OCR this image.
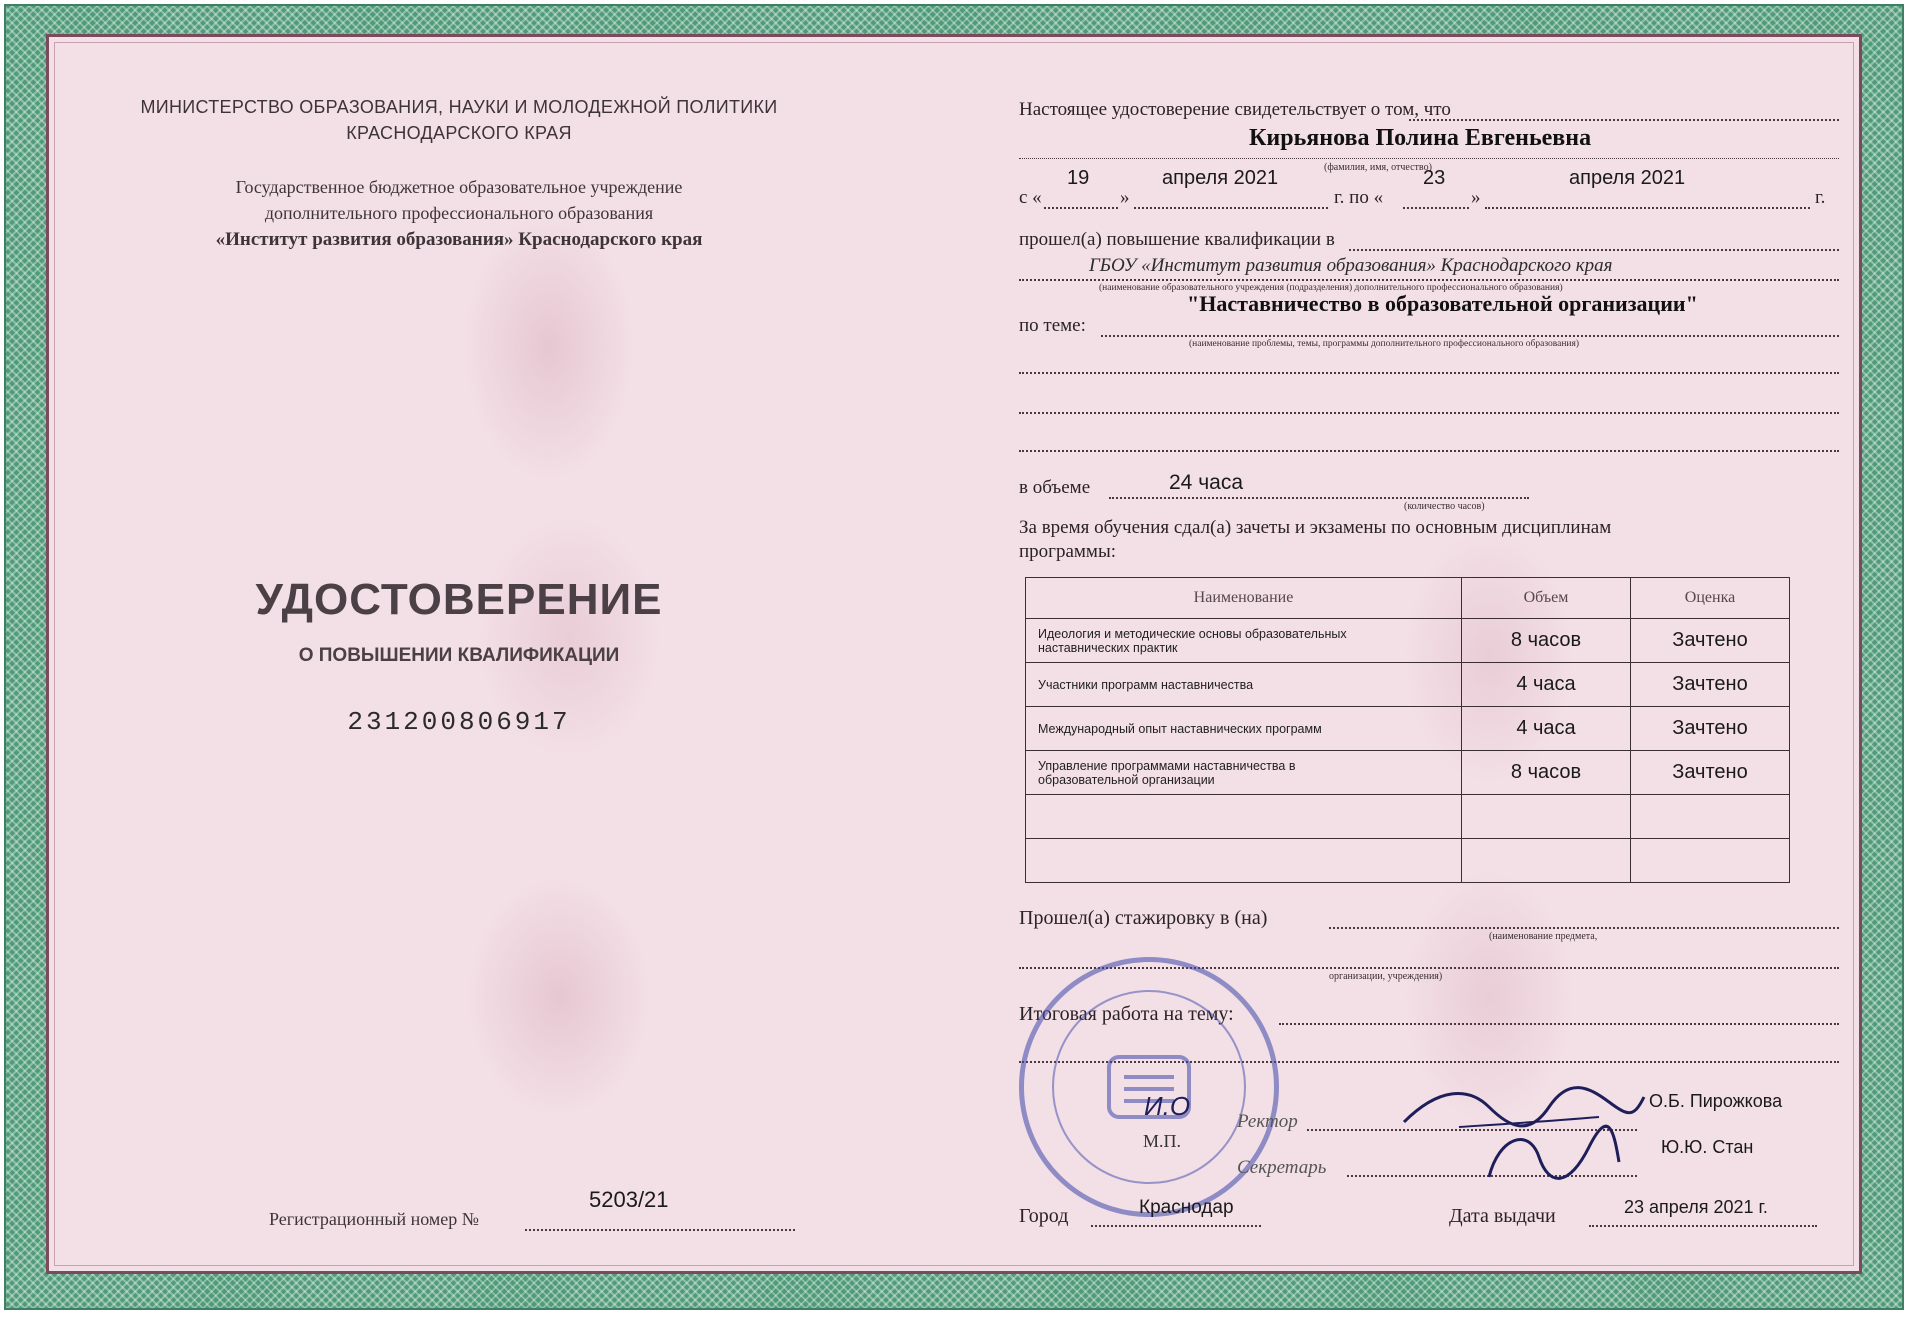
МИНИСТЕРСТВО ОБРАЗОВАНИЯ, НАУКИ И МОЛОДЕЖНОЙ ПОЛИТИКИ
КРАСНОДАРСКОГО КРАЯ
Государственное бюджетное образовательное учреждение
дополнительного профессионального образования
«Институт развития образования» Краснодарского края
УДОСТОВЕРЕНИЕ
О ПОВЫШЕНИИ КВАЛИФИКАЦИИ
231200806917
Регистрационный номер №
5203/21
Настоящее удостоверение свидетельствует о том, что
Кирьянова Полина Евгеньевна
(фамилия, имя, отчество)
с «
19
»
апреля 2021
г. по «
23
»
апреля 2021
г.
прошел(а) повышение квалификации в
ГБОУ «Институт развития образования» Краснодарского края
(наименование образовательного учреждения (подразделения) дополнительного профессионального образования)
по теме:
"Наставничество в образовательной организации"
(наименование проблемы, темы, программы дополнительного профессионального образования)
в объеме	24 часа
(количество часов)
За время обучения сдал(а) зачеты и экзамены по основным дисциплинам
программы:
Наименование	Объем	Оценка

Идеология и методические основы образовательных
наставнических практик	8 часов	Зачтено

Участники программ наставничества	4 часа	Зачтено

Международный опыт наставнических программ	4 часа	Зачтено

Управление программами наставничества в
образовательной организации	8 часов	Зачтено

Прошел(а) стажировку в (на)
(наименование предмета,
организации, учреждения)
Итоговая работа на тему:
И.О
Ректор
О.Б. Пирожкова
М.П.
Секретарь
Ю.Ю. Стан
Город	Краснодар	Дата выдачи	23 апреля 2021 г.
